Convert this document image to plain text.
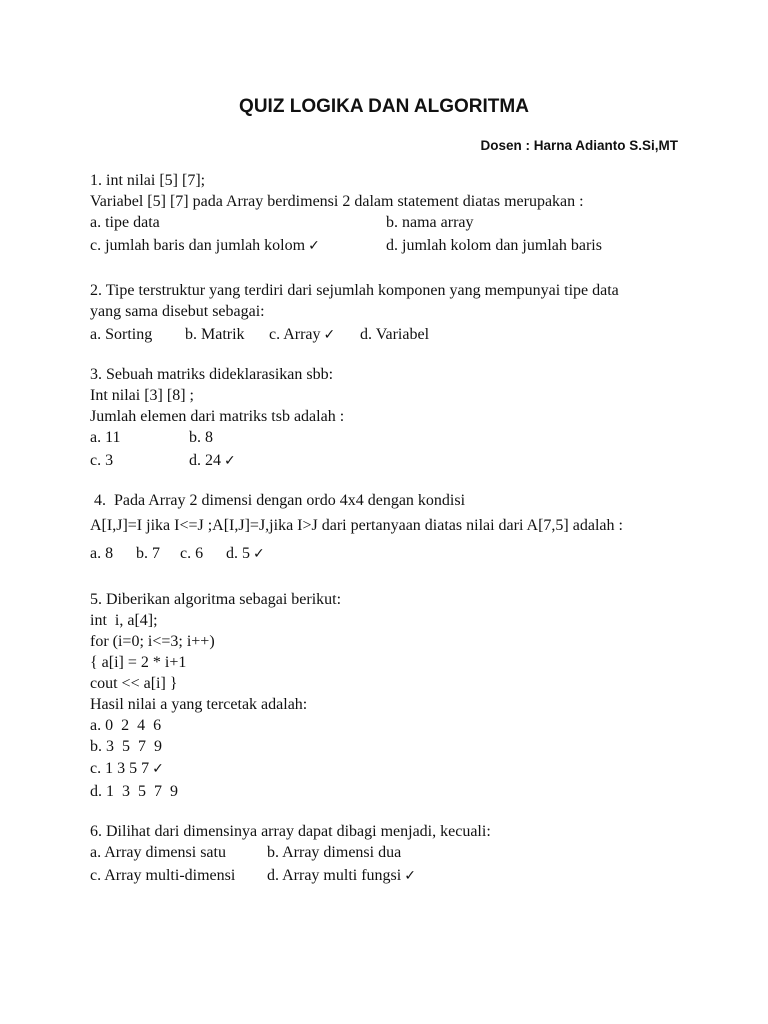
QUIZ LOGIKA DAN ALGORITMA
Dosen : Harna Adianto S.Si,MT
1. int nilai [5] [7];
Variabel [5] [7] pada Array berdimensi 2 dalam statement diatas merupakan :
a. tipe data	b. nama array
c. jumlah baris dan jumlah kolom ✓	d. jumlah kolom dan jumlah baris
2. Tipe terstruktur yang terdiri dari sejumlah komponen yang mempunyai tipe data
yang sama disebut sebagai:
a. Sorting b. Matrik c. Array ✓ d. Variabel
3. Sebuah matriks dideklarasikan sbb:
Int nilai [3] [8] ;
Jumlah elemen dari matriks tsb adalah :
a. 11	b. 8
c. 3	d. 24 ✓
4.  Pada Array 2 dimensi dengan ordo 4x4 dengan kondisi
A[I,J]=I jika I<=J ;A[I,J]=J,jika I>J dari pertanyaan diatas nilai dari A[7,5] adalah :
a. 8 b. 7 c. 6 d. 5 ✓
5. Diberikan algoritma sebagai berikut:
int  i, a[4];
for (i=0; i<=3; i++)
{ a[i] = 2 * i+1
cout << a[i] }
Hasil nilai a yang tercetak adalah:
a. 0  2  4  6
b. 3  5  7  9
c. 1 3 5 7 ✓
d. 1  3  5  7  9
6. Dilihat dari dimensinya array dapat dibagi menjadi, kecuali:
a. Array dimensi satu	b. Array dimensi dua
c. Array multi-dimensi d. Array multi fungsi ✓
